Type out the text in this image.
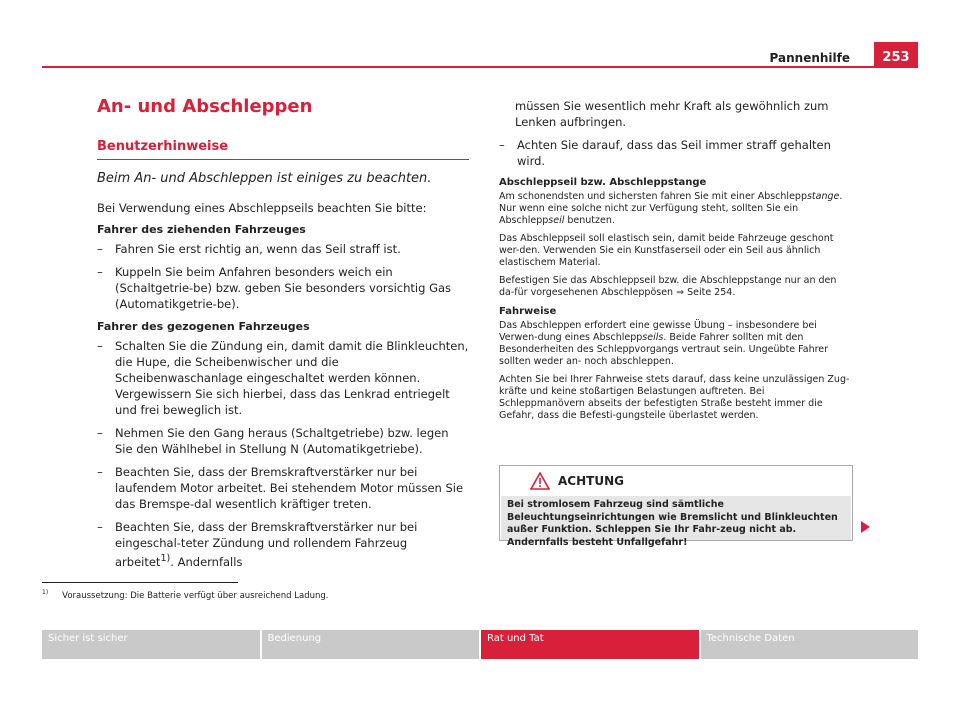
Pannenhilfe	253
An- und Abschleppen
Benutzerhinweise
Beim An- und Abschleppen ist einiges zu beachten.
Bei Verwendung eines Abschleppseils beachten Sie bitte:
Fahrer des ziehenden Fahrzeuges
– Fahren Sie erst richtig an, wenn das Seil straff ist.
– Kuppeln Sie beim Anfahren besonders weich ein (Schaltgetrie-be) bzw. geben Sie besonders vorsichtig Gas (Automatikgetrie-be).
Fahrer des gezogenen Fahrzeuges
– Schalten Sie die Zündung ein, damit damit die Blinkleuchten, die Hupe, die Scheibenwischer und die Scheibenwaschanlage eingeschaltet werden können. Vergewissern Sie sich hierbei, dass das Lenkrad entriegelt und frei beweglich ist.
– Nehmen Sie den Gang heraus (Schaltgetriebe) bzw. legen Sie den Wählhebel in Stellung N (Automatikgetriebe).
– Beachten Sie, dass der Bremskraftverstärker nur bei laufendem Motor arbeitet. Bei stehendem Motor müssen Sie das Bremspe-dal wesentlich kräftiger treten.
– Beachten Sie, dass der Bremskraftverstärker nur bei eingeschal-teter Zündung und rollendem Fahrzeug arbeitet$^{1)}$. Andernfalls
müssen Sie wesentlich mehr Kraft als gewöhnlich zum Lenken aufbringen.
– Achten Sie darauf, dass das Seil immer straff gehalten wird.
Abschleppseil bzw. Abschleppstange
Am schonendsten und sichersten fahren Sie mit einer Abschleppstange. Nur wenn eine solche nicht zur Verfügung steht, sollten Sie ein Abschleppseil benutzen.
Das Abschleppseil soll elastisch sein, damit beide Fahrzeuge geschont wer-den. Verwenden Sie ein Kunstfaserseil oder ein Seil aus ähnlich elastischem Material.
Befestigen Sie das Abschleppseil bzw. die Abschleppstange nur an den da-für vorgesehenen Abschleppösen ⇒ Seite 254.
Fahrweise
Das Abschleppen erfordert eine gewisse Übung – insbesondere bei Verwen-dung eines Abschleppseils. Beide Fahrer sollten mit den Besonderheiten des Schleppvorgangs vertraut sein. Ungeübte Fahrer sollten weder an- noch abschleppen.
Achten Sie bei Ihrer Fahrweise stets darauf, dass keine unzulässigen Zug-kräfte und keine stoßartigen Belastungen auftreten. Bei Schleppmanövern abseits der befestigten Straße besteht immer die Gefahr, dass die Befesti-gungsteile überlastet werden.
ACHTUNG
Bei stromlosem Fahrzeug sind sämtliche Beleuchtungseinrichtungen wie Bremslicht und Blinkleuchten außer Funktion. Schleppen Sie Ihr Fahr-zeug nicht ab. Andernfalls besteht Unfallgefahr!
$^{1)}$ Voraussetzung: Die Batterie verfügt über ausreichend Ladung.
Sicher ist sicher	Bedienung	Rat und Tat	Technische Daten
